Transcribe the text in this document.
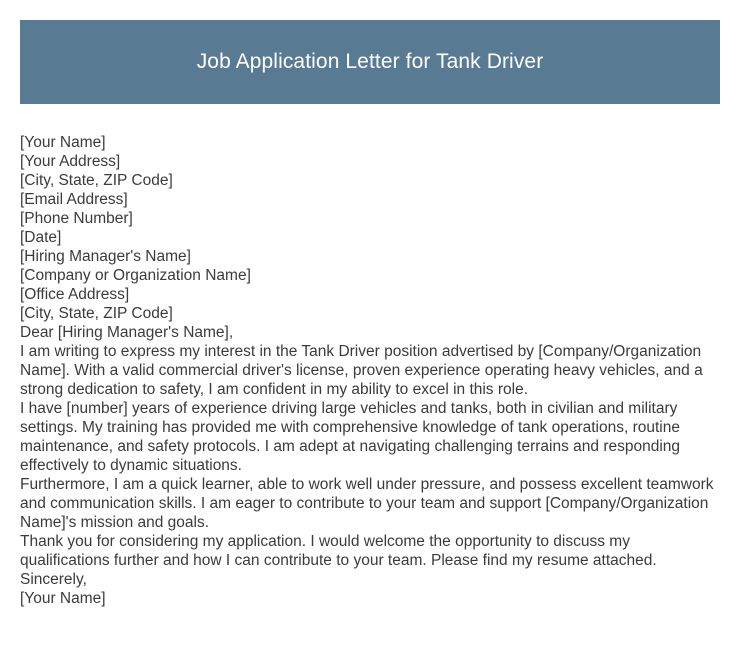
Job Application Letter for Tank Driver

[Your Name]

[Your Address]

[City, State, ZIP Code]

[Email Address]

[Phone Number]

[Date]

[Hiring Manager's Name]

[Company or Organization Name]

[Office Address]

[City, State, ZIP Code]

Dear [Hiring Manager's Name],

I am writing to express my interest in the Tank Driver position advertised by [Company/Organization Name]. With a valid commercial driver's license, proven experience operating heavy vehicles, and a strong dedication to safety, I am confident in my ability to excel in this role.

I have [number] years of experience driving large vehicles and tanks, both in civilian and military settings. My training has provided me with comprehensive knowledge of tank operations, routine maintenance, and safety protocols. I am adept at navigating challenging terrains and responding effectively to dynamic situations.

Furthermore, I am a quick learner, able to work well under pressure, and possess excellent teamwork and communication skills. I am eager to contribute to your team and support [Company/Organization Name]'s mission and goals.

Thank you for considering my application. I would welcome the opportunity to discuss my qualifications further and how I can contribute to your team. Please find my resume attached.

Sincerely,

[Your Name]
